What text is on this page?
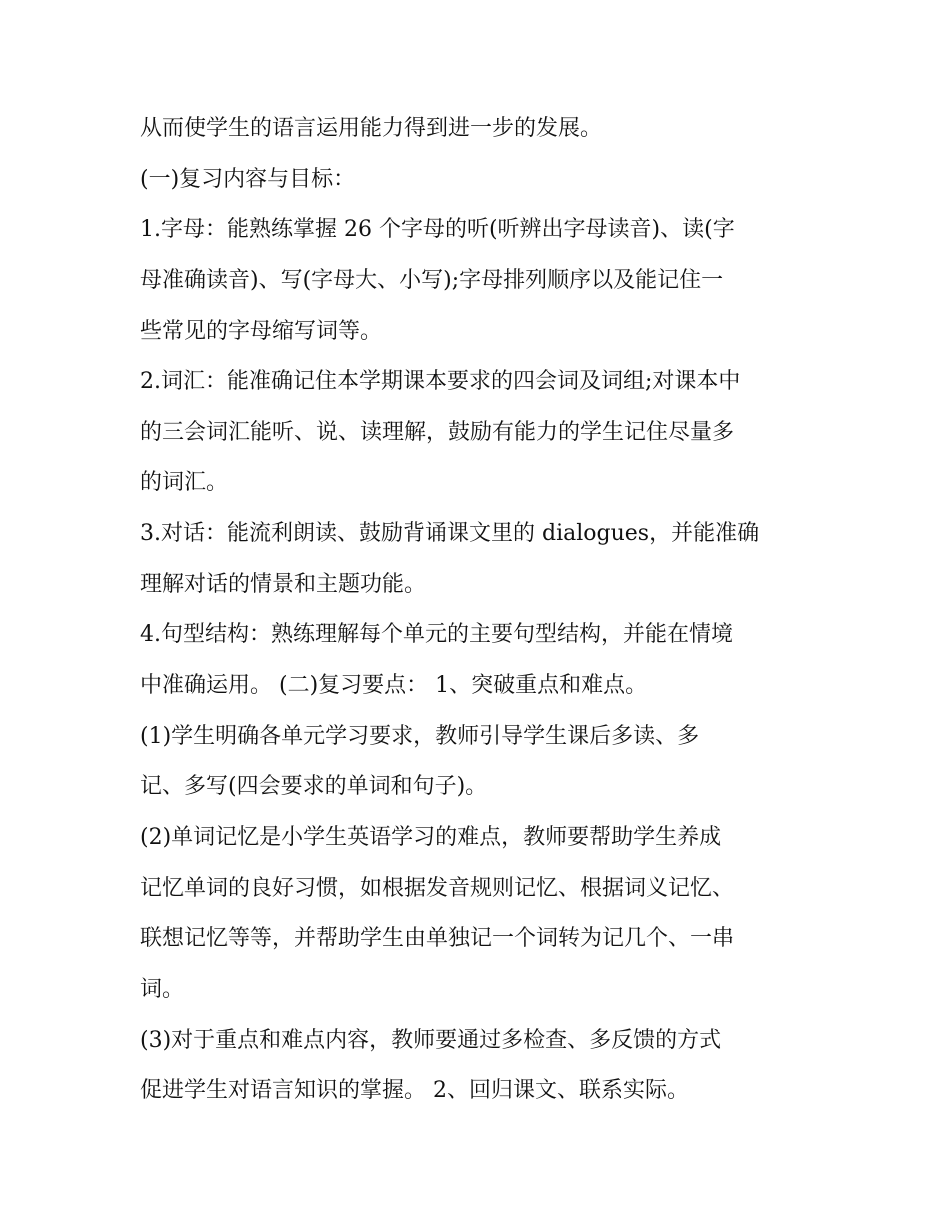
从而使学生的语言运用能力得到进一步的发展。
(一)复习内容与目标：
1.字母：能熟练掌握 26 个字母的听(听辨出字母读音)、读(字
母准确读音)、写(字母大、小写);字母排列顺序以及能记住一
些常见的字母缩写词等。
2.词汇：能准确记住本学期课本要求的四会词及词组;对课本中
的三会词汇能听、说、读理解，鼓励有能力的学生记住尽量多
的词汇。
3.对话：能流利朗读、鼓励背诵课文里的 dialogues，并能准确
理解对话的情景和主题功能。
4.句型结构：熟练理解每个单元的主要句型结构，并能在情境
中准确运用。 (二)复习要点： 1、突破重点和难点。
(1)学生明确各单元学习要求，教师引导学生课后多读、多
记、多写(四会要求的单词和句子)。
(2)单词记忆是小学生英语学习的难点，教师要帮助学生养成
记忆单词的良好习惯，如根据发音规则记忆、根据词义记忆、
联想记忆等等，并帮助学生由单独记一个词转为记几个、一串
词。
(3)对于重点和难点内容，教师要通过多检查、多反馈的方式
促进学生对语言知识的掌握。 2、回归课文、联系实际。
